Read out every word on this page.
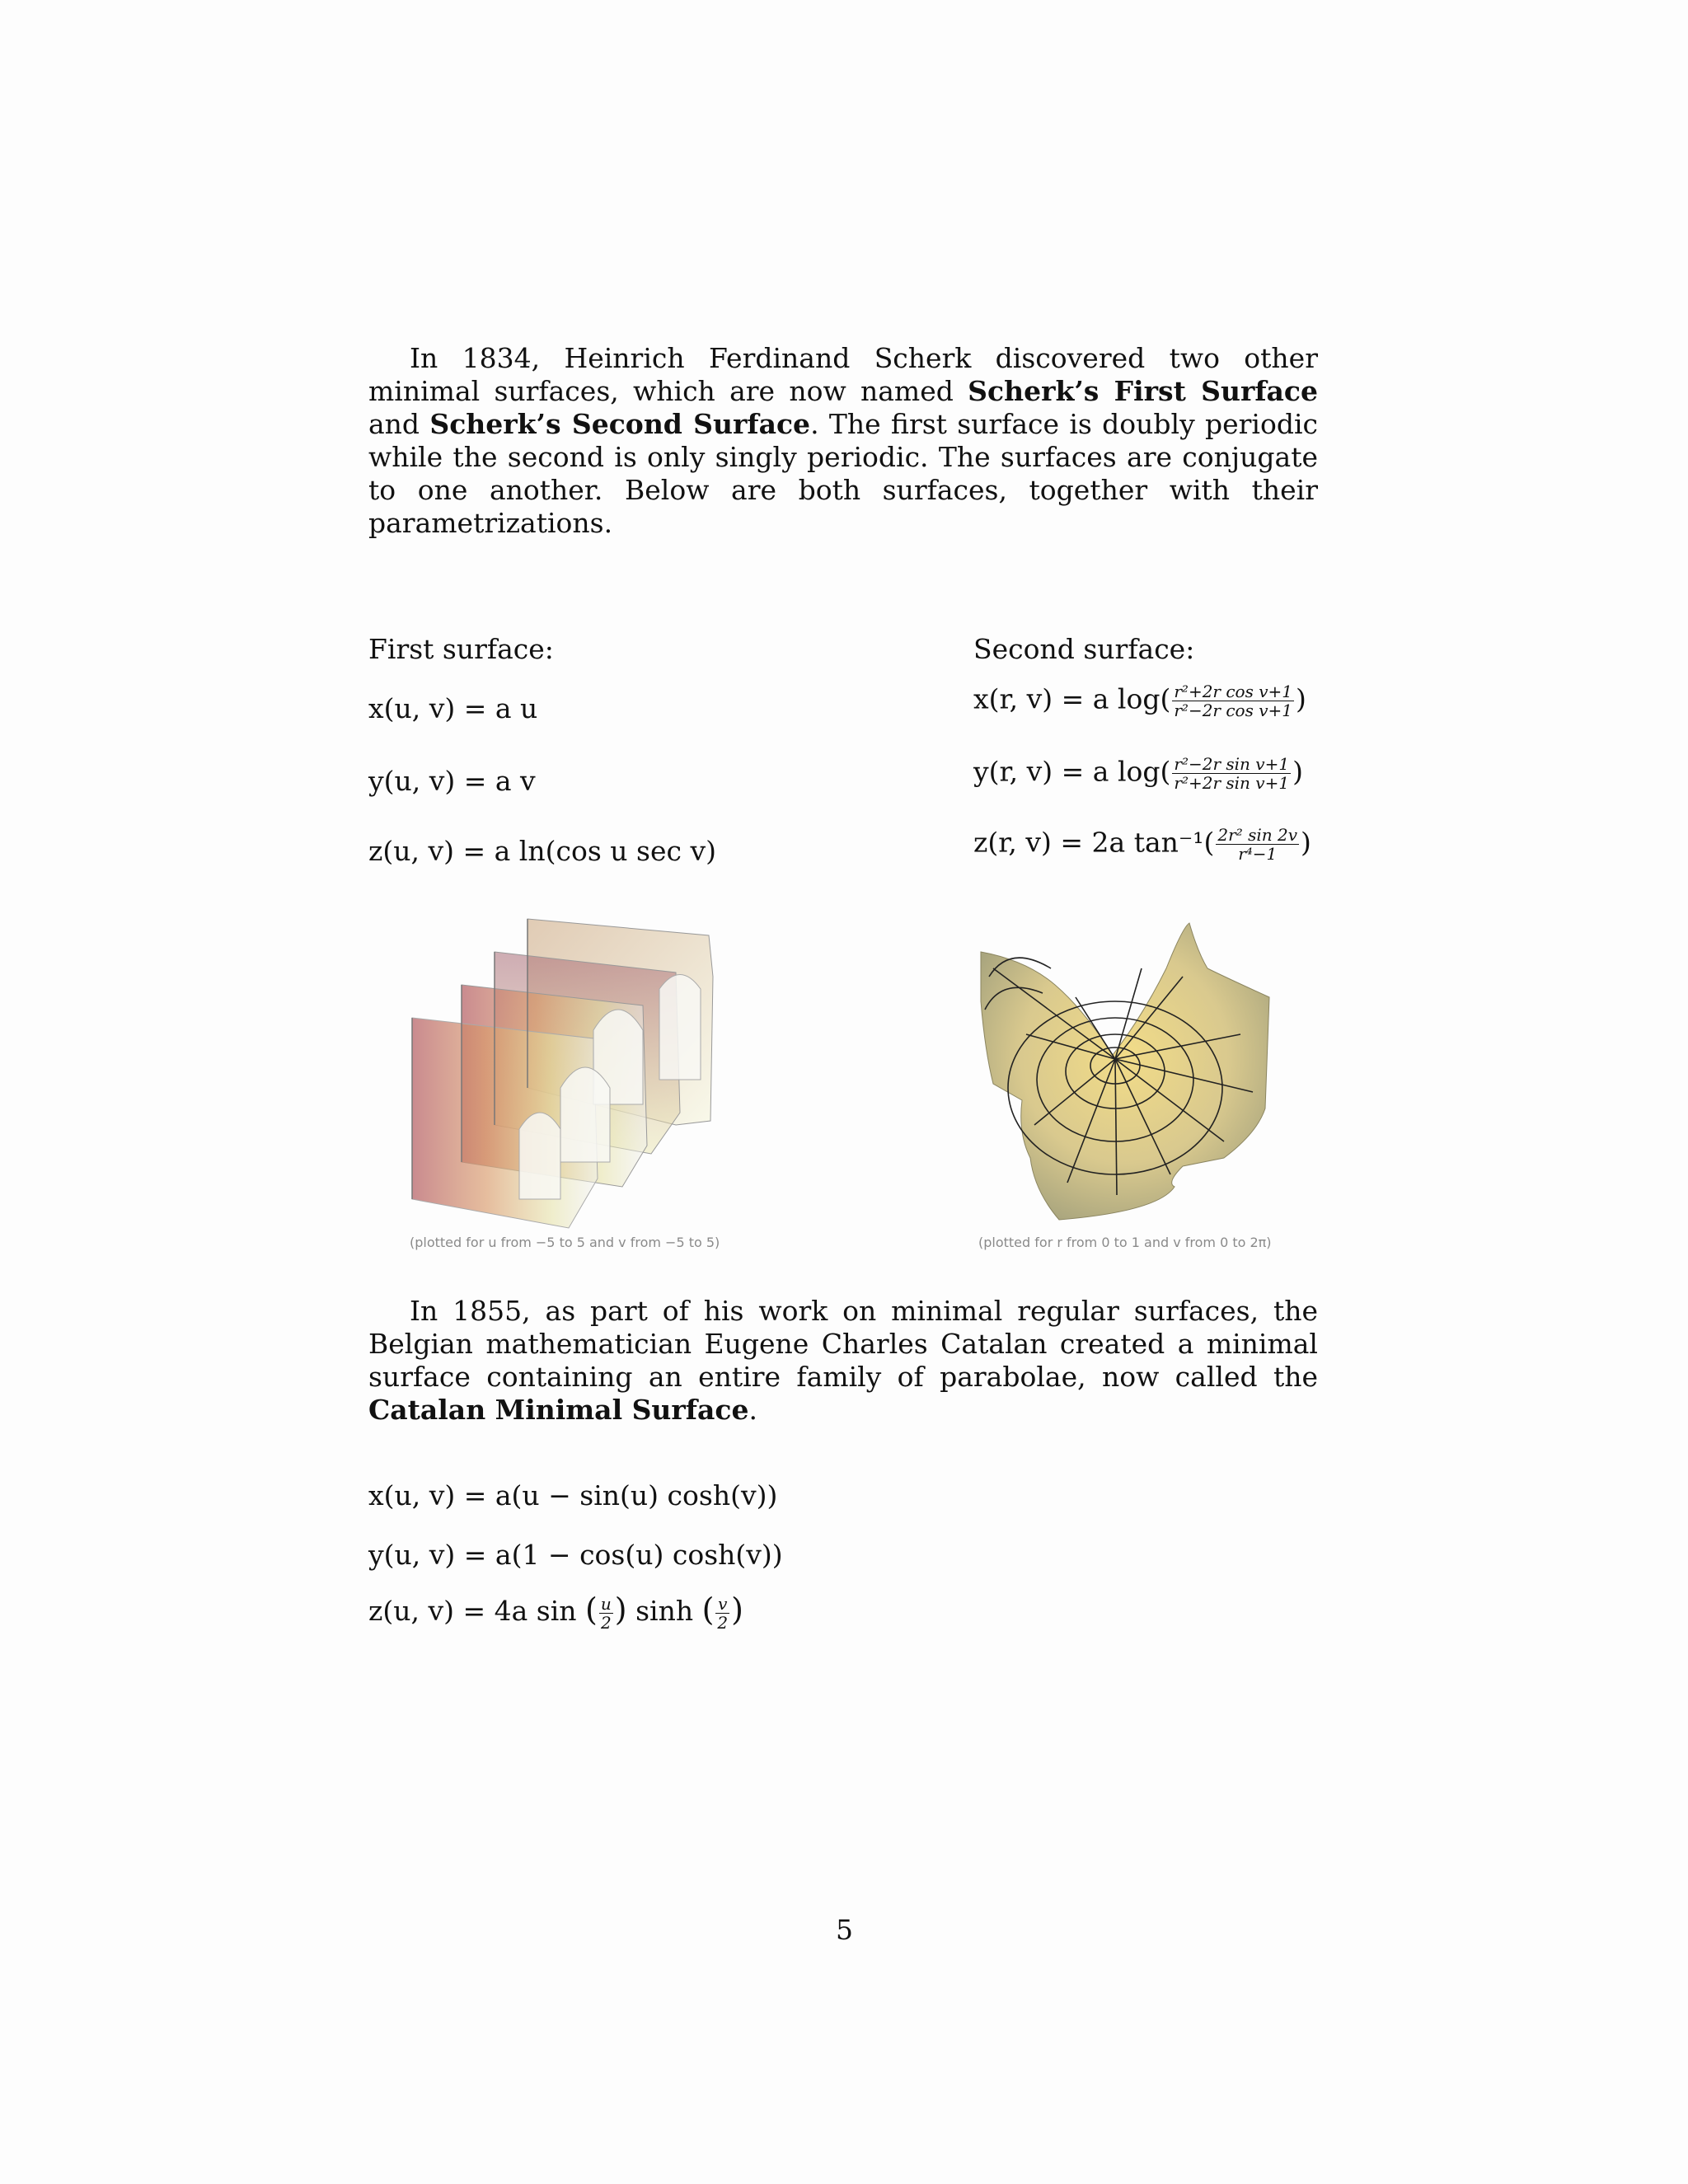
In 1834, Heinrich Ferdinand Scherk discovered two other minimal surfaces, which are now named Scherk’s First Surface and Scherk’s Second Surface. The first surface is doubly periodic while the second is only singly periodic. The surfaces are conjugate to one another. Below are both surfaces, together with their parametrizations.
First surface:
x(u, v) = a u
y(u, v) = a v
z(u, v) = a ln(cos u sec v)
Second surface:
x(r, v) = a $\log( \frac{\text{r²+2r cos v+1}}{\text{r²−2r cos v+1}}$ )
y(r, v) = a $\log( \frac{\text{r²−2r sin v+1}}{\text{r²+2r sin v+1}}$ )
z(r, v) = 2a $\tan^{-1}( \frac{\text{2r² sin 2v}}{\text{r⁴−1}}$ )
(plotted for u from −5 to 5 and v from −5 to 5)	(plotted for r from 0 to 1 and v from 0 to 2π)
In 1855, as part of his work on minimal regular surfaces, the Belgian mathematician Eugene Charles Catalan created a minimal surface containing an entire family of parabolae, now called the Catalan Minimal Surface.
x(u, v) = a(u − sin(u) cosh(v))
y(u, v) = a(1 − cos(u) cosh(v))
z(u, v) = 4a sin ( $\frac{u}{2}$ ) sinh ( $\frac{v}{2}$ )
5
